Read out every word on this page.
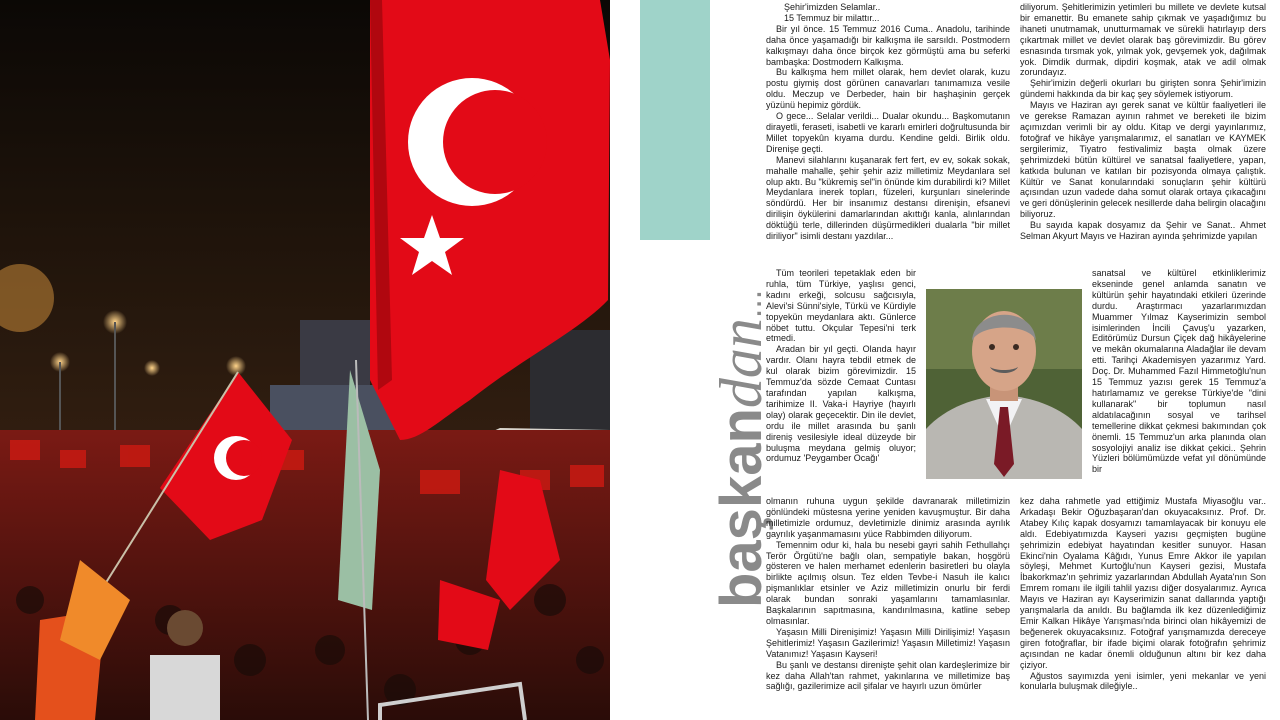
başkandan...

Şehir'imizden Selamlar..

15 Temmuz bir milattır...

Bir yıl önce. 15 Temmuz 2016 Cuma.. Anadolu, tarihinde daha önce yaşamadığı bir kalkışma ile sarsıldı. Postmodern kalkışmayı daha önce birçok kez görmüştü ama bu seferki bambaşka: Dostmodern Kalkışma.

Bu kalkışma hem millet olarak, hem devlet olarak, kuzu postu giymiş dost görünen canavarları tanımamıza vesile oldu. Meczup ve Derbeder, hain bir haşhaşinin gerçek yüzünü hepimiz gördük.

O gece... Selalar verildi... Dualar okundu... Başkomutanın dirayetli, feraseti, isabetli ve kararlı emirleri doğrultusunda bir Millet topyekûn kıyama durdu. Kendine geldi. Birlik oldu. Direnişe geçti.

Manevi silahlarını kuşanarak fert fert, ev ev, sokak sokak, mahalle mahalle, şehir şehir aziz milletimiz Meydanlara sel olup aktı. Bu "kükremiş sel"in önünde kim durabilirdi ki? Millet Meydanlara inerek topları, füzeleri, kurşunları sinelerinde söndürdü. Her bir insanımız destansı direnişin, efsanevi dirilişin öykülerini damarlarından akıttığı kanla, alınlarından döktüğü terle, dillerinden düşürmedikleri dualarla "bir millet diriliyor" isimli destanı yazdılar...

Tüm teorileri tepetaklak eden bir ruhla, tüm Türkiye, yaşlısı genci, kadını erkeği, solcusu sağcısıyla, Alevi'si Sünni'siyle, Türkü ve Kürdiyle topyekün meydanlara aktı. Günlerce nöbet tuttu. Okçular Tepesi'ni terk etmedi.

Aradan bir yıl geçti. Olanda hayır vardır. Olanı hayra tebdil etmek de kul olarak bizim görevimizdir. 15 Temmuz'da sözde Cemaat Cuntası tarafından yapılan kalkışma, tarihimize II. Vaka-i Hayriye (hayırlı olay) olarak geçecektir. Din ile devlet, ordu ile millet arasında bu şanlı direniş vesilesiyle ideal düzeyde bir buluşma meydana gelmiş oluyor; ordumuz 'Peygamber Ocağı'

olmanın ruhuna uygun şekilde davranarak milletimizin gönlündeki müstesna yerine yeniden kavuşmuştur. Bir daha milletimizle ordumuz, devletimizle dinimiz arasında ayrılık gayrılık yaşanmamasını yüce Rabbimden diliyorum.

Temennim odur ki, hala bu nesebi gayri sahih Fethullahçı Terör Örgütü'ne bağlı olan, sempatiyle bakan, hoşgörü gösteren ve halen merhamet edenlerin basiretleri bu olayla birlikte açılmış olsun. Tez elden Tevbe-i Nasuh ile kalıcı pişmanlıklar etsinler ve Aziz milletimizin onurlu bir ferdi olarak bundan sonraki yaşamlarını tamamlasınlar. Başkalarının sapıtmasına, kandırılmasına, katline sebep olmasınlar.

Yaşasın Milli Direnişimiz! Yaşasın Milli Dirilişimiz! Yaşasın Şehitlerimiz! Yaşasın Gazilerimiz! Yaşasın Milletimiz! Yaşasın Vatanımız! Yaşasın Kayseri!

Bu şanlı ve destansı direnişte şehit olan kardeşlerimize bir kez daha Allah'tan rahmet, yakınlarına ve milletimize baş sağlığı, gazilerimize acil şifalar ve hayırlı uzun ömürler

diliyorum. Şehitlerimizin yetimleri bu millete ve devlete kutsal bir emanettir. Bu emanete sahip çıkmak ve yaşadığımız bu ihaneti unutmamak, unutturmamak ve sürekli hatırlayıp ders çıkartmak millet ve devlet olarak baş görevimizdir. Bu görev esnasında tırsmak yok, yılmak yok, gevşemek yok, dağılmak yok. Dimdik durmak, dipdiri koşmak, atak ve adil olmak zorundayız.

Şehir'imizin değerli okurları bu girişten sonra Şehir'imizin gündemi hakkında da bir kaç şey söylemek istiyorum.

Mayıs ve Haziran ayı gerek sanat ve kültür faaliyetleri ile ve gerekse Ramazan ayının rahmet ve bereketi ile bizim açımızdan verimli bir ay oldu. Kitap ve dergi yayınlarımız, fotoğraf ve hikâye yarışmalarımız, el sanatları ve KAYMEK sergilerimiz, Tiyatro festivalimiz başta olmak üzere şehrimizdeki bütün kültürel ve sanatsal faaliyetlere, yapan, katkıda bulunan ve katılan bir pozisyonda olmaya çalıştık. Kültür ve Sanat konularındaki sonuçların şehir kültürü açısından uzun vadede daha somut olarak ortaya çıkacağını ve geri dönüşlerinin gelecek nesillerde daha belirgin olacağını biliyoruz.

Bu sayıda kapak dosyamız da Şehir ve Sanat.. Ahmet Selman Akyurt Mayıs ve Haziran ayında şehrimizde yapılan

sanatsal ve kültürel etkinliklerimiz ekseninde genel anlamda sanatın ve kültürün şehir hayatındaki etkileri üzerinde durdu. Araştırmacı yazarlarımızdan Muammer Yılmaz Kayserimizin sembol isimlerinden İncili Çavuş'u yazarken, Editörümüz Dursun Çiçek dağ hikâyelerine ve mekân okumalarına Aladağlar ile devam etti. Tarihçi Akademisyen yazarımız Yard. Doç. Dr. Muhammed Fazıl Himmetoğlu'nun 15 Temmuz yazısı gerek 15 Temmuz'a hatırlamamız ve gerekse Türkiye'de "dini kullanarak" bir toplumun nasıl aldatılacağının sosyal ve tarihsel temellerine dikkat çekmesi bakımından çok önemli. 15 Temmuz'un arka planında olan sosyolojiyi analiz ise dikkat çekici.. Şehrin Yüzleri bölümümüzde vefat yıl dönümünde bir

kez daha rahmetle yad ettiğimiz Mustafa Miyasoğlu var.. Arkadaşı Bekir Oğuzbaşaran'dan okuyacaksınız. Prof. Dr. Atabey Kılıç kapak dosyamızı tamamlayacak bir konuyu ele aldı. Edebiyatımızda Kayseri yazısı geçmişten bugüne şehrimizin edebiyat hayatından kesitler sunuyor. Hasan Ekinci'nin Oyalama Kâğıdı, Yunus Emre Akkor ile yapılan söyleşi, Mehmet Kurtoğlu'nun Kayseri gezisi, Mustafa İbakorkmaz'ın şehrimiz yazarlarından Abdullah Ayata'nın Son Emrem romanı ile ilgili tahlil yazısı diğer dosyalarımız. Ayrıca Mayıs ve Haziran ayı Kayserimizin sanat dallarında yaptığı yarışmalarla da anıldı. Bu bağlamda ilk kez düzenlediğimiz Emir Kalkan Hikâye Yarışması'nda birinci olan hikâyemizi de beğenerek okuyacaksınız. Fotoğraf yarışmamızda dereceye giren fotoğraflar, bir ifade biçimi olarak fotoğrafın şehrimiz açısından ne kadar önemli olduğunun altını bir kez daha çiziyor.

Ağustos sayımızda yeni isimler, yeni mekanlar ve yeni konularla buluşmak dileğiyle..
